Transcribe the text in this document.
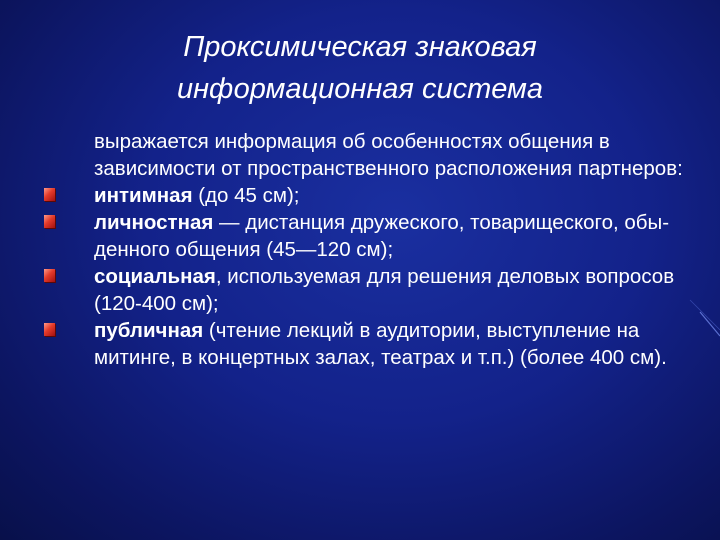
Проксимическая знаковая
информационная система

выражается информация об особенностях общения в зависимости от пространственного расположения партнеров:

интимная (до 45 см);

личностная — дистанция дружеского, товарищеского, обы-денного общения (45—120 см);

социальная, используемая для решения деловых вопросов (120-400 см);

публичная (чтение лекций в аудитории, выступление на митинге, в концертных залах, театрах и т.п.) (более 400 см).
